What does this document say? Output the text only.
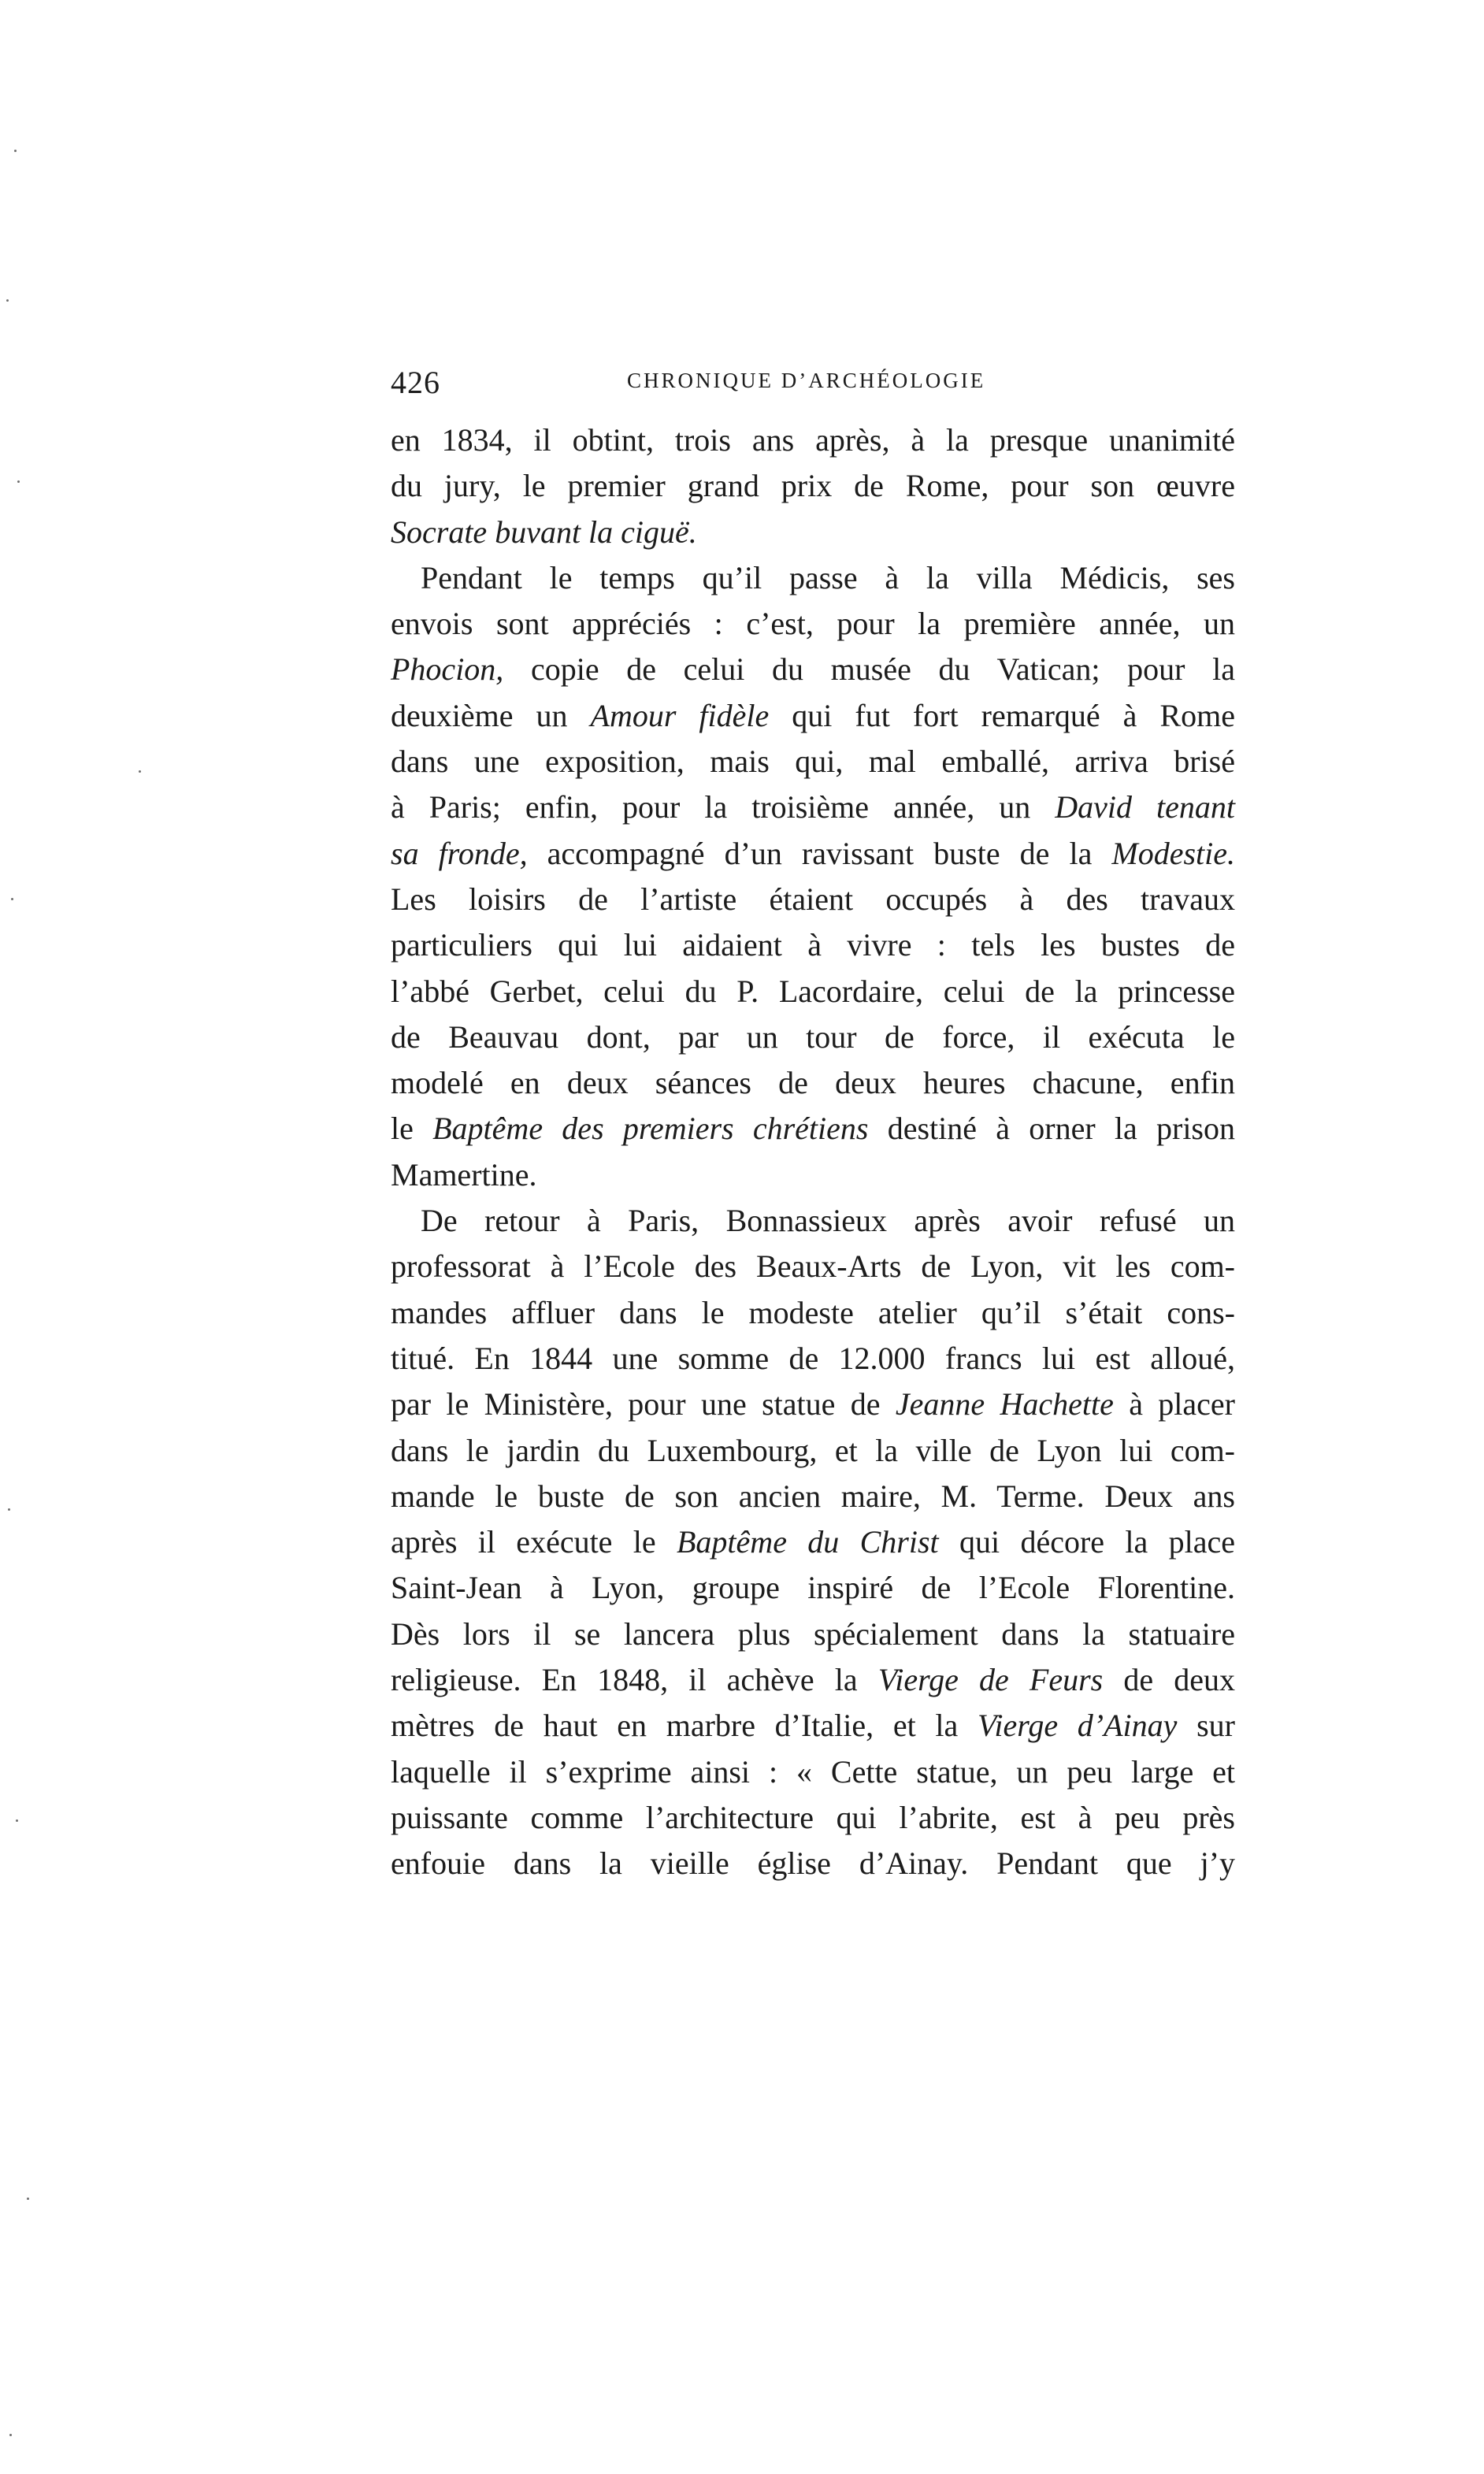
426	CHRONIQUE D’ARCHÉOLOGIE
en 1834, il obtint, trois ans après, à la presque unanimité
du jury, le premier grand prix de Rome, pour son œuvre
Socrate buvant la ciguë.
Pendant le temps qu’il passe à la villa Médicis, ses
envois sont appréciés : c’est, pour la première année, un
Phocion, copie de celui du musée du Vatican; pour la
deuxième un Amour fidèle qui fut fort remarqué à Rome
dans une exposition, mais qui, mal emballé, arriva brisé
à Paris; enfin, pour la troisième année, un David tenant
sa fronde, accompagné d’un ravissant buste de la Modestie.
Les loisirs de l’artiste étaient occupés à des travaux
particuliers qui lui aidaient à vivre : tels les bustes de
l’abbé Gerbet, celui du P. Lacordaire, celui de la princesse
de Beauvau dont, par un tour de force, il exécuta le
modelé en deux séances de deux heures chacune, enfin
le Baptême des premiers chrétiens destiné à orner la prison
Mamertine.
De retour à Paris, Bonnassieux après avoir refusé un
professorat à l’Ecole des Beaux-Arts de Lyon, vit les com-
mandes affluer dans le modeste atelier qu’il s’était cons-
titué. En 1844 une somme de 12.000 francs lui est alloué,
par le Ministère, pour une statue de Jeanne Hachette à placer
dans le jardin du Luxembourg, et la ville de Lyon lui com-
mande le buste de son ancien maire, M. Terme. Deux ans
après il exécute le Baptême du Christ qui décore la place
Saint-Jean à Lyon, groupe inspiré de l’Ecole Florentine.
Dès lors il se lancera plus spécialement dans la statuaire
religieuse. En 1848, il achève la Vierge de Feurs de deux
mètres de haut en marbre d’Italie, et la Vierge d’Ainay sur
laquelle il s’exprime ainsi : « Cette statue, un peu large et
puissante comme l’architecture qui l’abrite, est à peu près
enfouie dans la vieille église d’Ainay. Pendant que j’y
